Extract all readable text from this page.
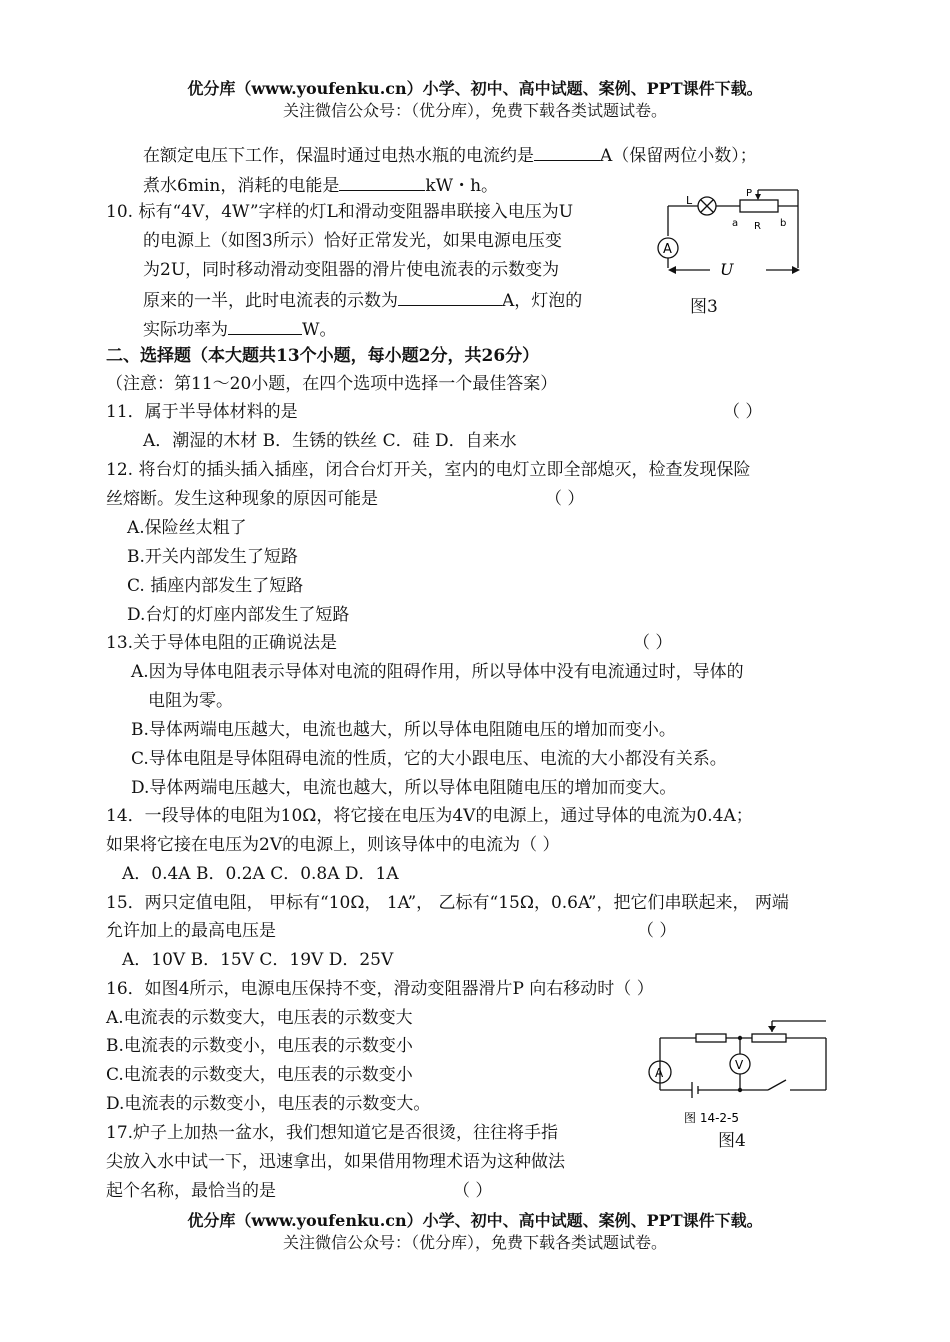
优分库（www.youfenku.cn）小学、初中、高中试题、案例、PPT课件下载。
关注微信公众号：（优分库），免费下载各类试题试卷。
在额定电压下工作，保温时通过电热水瓶的电流约是	A（保留两位小数）；
煮水6min，消耗的电能是	kW・h。
10. 标有“4V，4W”字样的灯L和滑动变阻器串联接入电压为U
的电源上（如图3所示）恰好正常发光，如果电源电压变
为2U，同时移动滑动变阻器的滑片使电流表的示数变为
原来的一半，此时电流表的示数为	A，灯泡的
实际功率为	W。
L
P
a R b
A
U
图3
二、选择题（本大题共13个小题，每小题2分，共26分）
（注意：第11～20小题，在四个选项中选择一个最佳答案）
11．属于半导体材料的是	（ ）
A．潮湿的木材 B．生锈的铁丝 C．硅 D．自来水
12. 将台灯的插头插入插座，闭合台灯开关，室内的电灯立即全部熄灭，检查发现保险
丝熔断。发生这种现象的原因可能是	（ ）
A.保险丝太粗了
B.开关内部发生了短路
C. 插座内部发生了短路
D.台灯的灯座内部发生了短路
13.关于导体电阻的正确说法是	（ ）
A.因为导体电阻表示导体对电流的阻碍作用，所以导体中没有电流通过时，导体的
电阻为零。
B.导体两端电压越大，电流也越大，所以导体电阻随电压的增加而变小。
C.导体电阻是导体阻碍电流的性质，它的大小跟电压、电流的大小都没有关系。
D.导体两端电压越大，电流也越大，所以导体电阻随电压的增加而变大。
14．一段导体的电阻为10Ω，将它接在电压为4V的电源上，通过导体的电流为0.4A；
如果将它接在电压为2V的电源上，则该导体中的电流为（ ）
A．0.4A B．0.2A C．0.8A D．1A
15．两只定值电阻， 甲标有“10Ω， 1A”， 乙标有“15Ω，0.6A”，把它们串联起来， 两端
允许加上的最高电压是	（ ）
A．10V B．15V C．19V D．25V
16．如图4所示，电源电压保持不变，滑动变阻器滑片P 向右移动时（ ）
A.电流表的示数变大，电压表的示数变大
B.电流表的示数变小，电压表的示数变小
C.电流表的示数变大，电压表的示数变小
D.电流表的示数变小，电压表的示数变大。
A
V
图 14-2-5
图4
17.炉子上加热一盆水，我们想知道它是否很烫，往往将手指
尖放入水中试一下，迅速拿出，如果借用物理术语为这种做法
起个名称，最恰当的是	（ ）
优分库（www.youfenku.cn）小学、初中、高中试题、案例、PPT课件下载。
关注微信公众号：（优分库），免费下载各类试题试卷。
